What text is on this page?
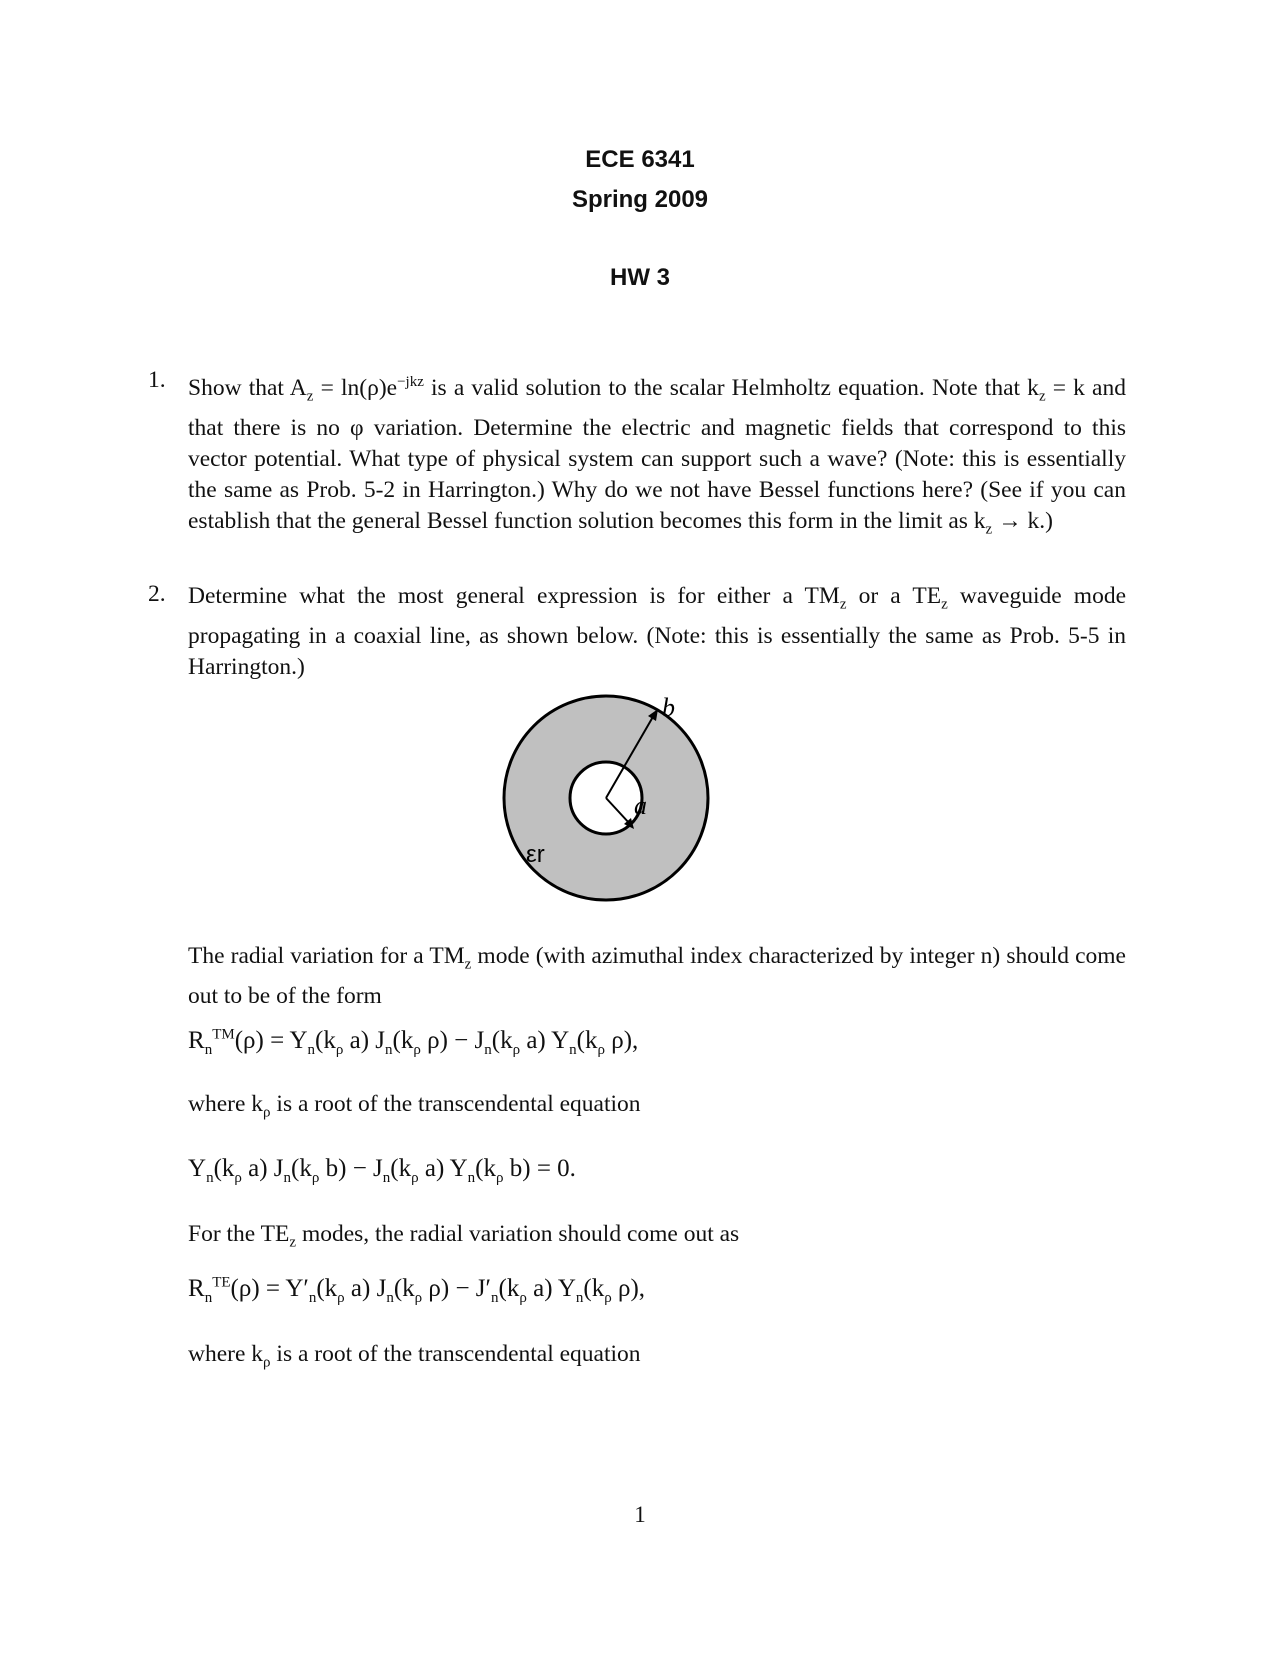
ECE 6341
Spring 2009
HW 3
1. Show that $A_z = \ln(\rho)e^{-jkz}$ is a valid solution to the scalar Helmholtz equation. Note that $k_z = k$ and that there is no φ variation. Determine the electric and magnetic fields that correspond to this vector potential. What type of physical system can support such a wave? (Note: this is essentially the same as Prob. 5-2 in Harrington.) Why do we not have Bessel functions here? (See if you can establish that the general Bessel function solution becomes this form in the limit as $k_z \to k$.)
2. Determine what the most general expression is for either a $TM_z$ or a $TE_z$ waveguide mode propagating in a coaxial line, as shown below. (Note: this is essentially the same as Prob. 5-5 in Harrington.)
b
a
εr
The radial variation for a $TM_z$ mode (with azimuthal index characterized by integer n) should come out to be of the form
$R_n™(\rho) = Y_n(k_\rho$ a) $J_n(k_\rho$ $\rho) - J_n(k_\rho$ a) $Y_n(k_\rho$ ρ),
where $k_\rho$ is a root of the transcendental equation
$Y_n(k_\rho$ a) $J_n(k_\rho$ $b) - J_n(k_\rho$ a) $Y_n(k_\rho$ b) = 0.
For the $TE_z$ modes, the radial variation should come out as
$R_n^{TE}(\rho) = Y'_n(k_\rho$ a) $J_n(k_\rho$ $\rho) - J'_n(k_\rho$ a) $Y_n(k_\rho$ ρ),
where $k_\rho$ is a root of the transcendental equation
1
